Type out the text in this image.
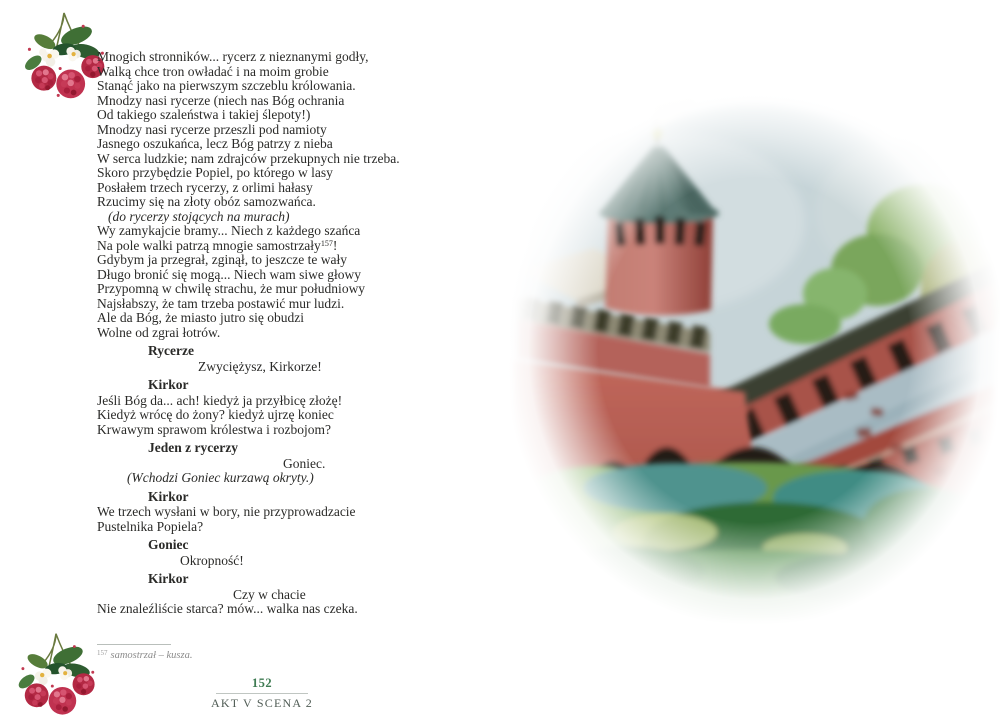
Mnogich stronników... rycerz z nieznanymi godły,
Walką chce tron owładać i na moim grobie
Stanąć jako na pierwszym szczeblu królowania.
Mnodzy nasi rycerze (niech nas Bóg ochrania
Od takiego szaleństwa i takiej ślepoty!)
Mnodzy nasi rycerze przeszli pod namioty
Jasnego oszukańca, lecz Bóg patrzy z nieba
W serca ludzkie; nam zdrajców przekupnych nie trzeba.
Skoro przybędzie Popiel, po którego w lasy
Posłałem trzech rycerzy, z orlimi hałasy
Rzucimy się na złoty obóz samozwańca.
(do rycerzy stojących na murach)
Wy zamykajcie bramy... Niech z każdego szańca
Na pole walki patrzą mnogie samostrzały$^{157}$!
Gdybym ja przegrał, zginął, to jeszcze te wały
Długo bronić się mogą... Niech wam siwe głowy
Przypomną w chwilę strachu, że mur południowy
Najsłabszy, że tam trzeba postawić mur ludzi.
Ale da Bóg, że miasto jutro się obudzi
Wolne od zgrai łotrów.
Rycerze
Zwyciężysz, Kirkorze!
Kirkor
Jeśli Bóg da... ach! kiedyż ja przyłbicę złożę!
Kiedyż wrócę do żony? kiedyż ujrzę koniec
Krwawym sprawom królestwa i rozbojom?
Jeden z rycerzy
Goniec.
(Wchodzi Goniec kurzawą okryty.)
Kirkor
We trzech wysłani w bory, nie przyprowadzacie
Pustelnika Popiela?
Goniec
Okropność!
Kirkor
Czy w chacie
Nie znaleźliście starca? mów... walka nas czeka.
$^{157}$ samostrzał – kusza.
152
AKT V SCENA 2
